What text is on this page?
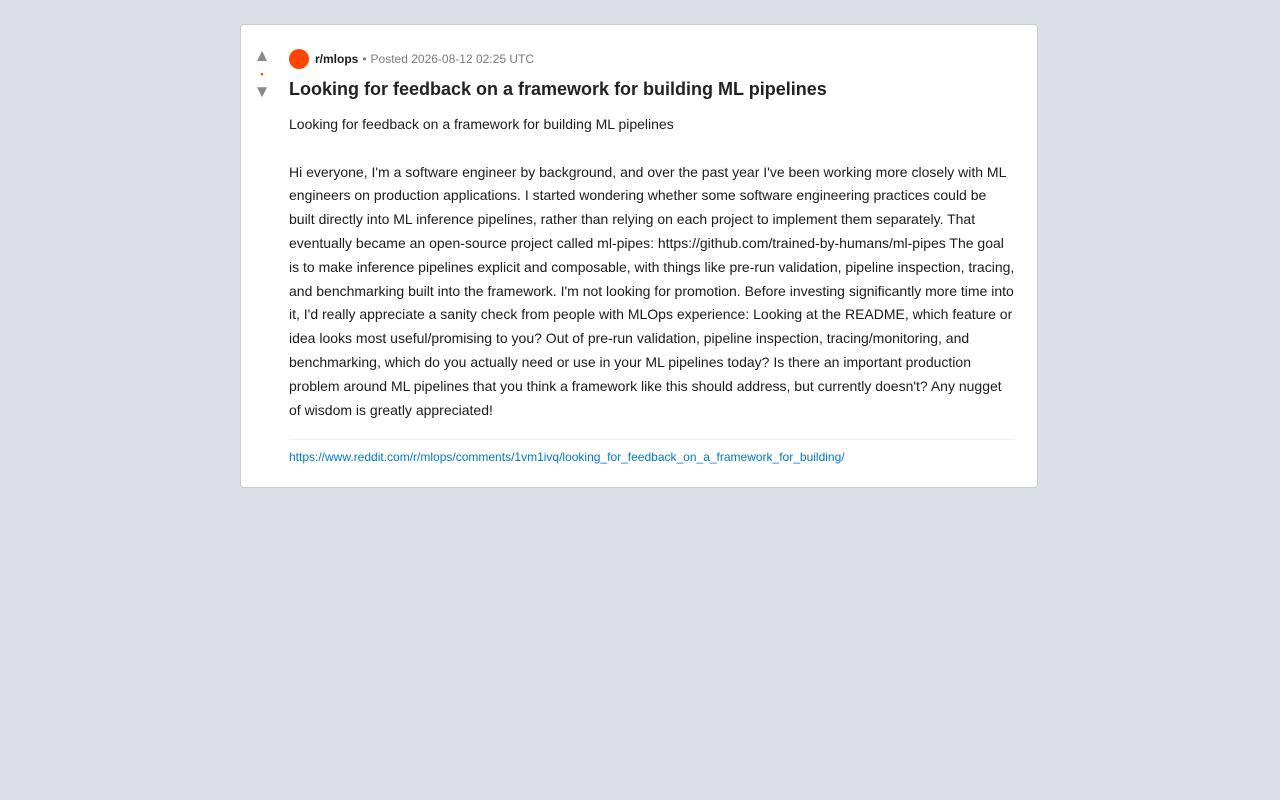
▲
•
▼
r/mlops • Posted 2026-08-12 02:25 UTC
Looking for feedback on a framework for building ML pipelines

Looking for feedback on a framework for building ML pipelines

Hi everyone, I'm a software engineer by background, and over the past year I've been working more closely with ML engineers on production applications. I started wondering whether some software engineering practices could be built directly into ML inference pipelines, rather than relying on each project to implement them separately. That eventually became an open-source project called ml-pipes: https://github.com/trained-by-humans/ml-pipes The goal is to make inference pipelines explicit and composable, with things like pre-run validation, pipeline inspection, tracing, and benchmarking built into the framework. I'm not looking for promotion. Before investing significantly more time into it, I'd really appreciate a sanity check from people with MLOps experience: Looking at the README, which feature or idea looks most useful/promising to you? Out of pre-run validation, pipeline inspection, tracing/monitoring, and benchmarking, which do you actually need or use in your ML pipelines today? Is there an important production problem around ML pipelines that you think a framework like this should address, but currently doesn't? Any nugget of wisdom is greatly appreciated!

https://www.reddit.com/r/mlops/comments/1vm1ivq/looking_for_feedback_on_a_framework_for_building/
